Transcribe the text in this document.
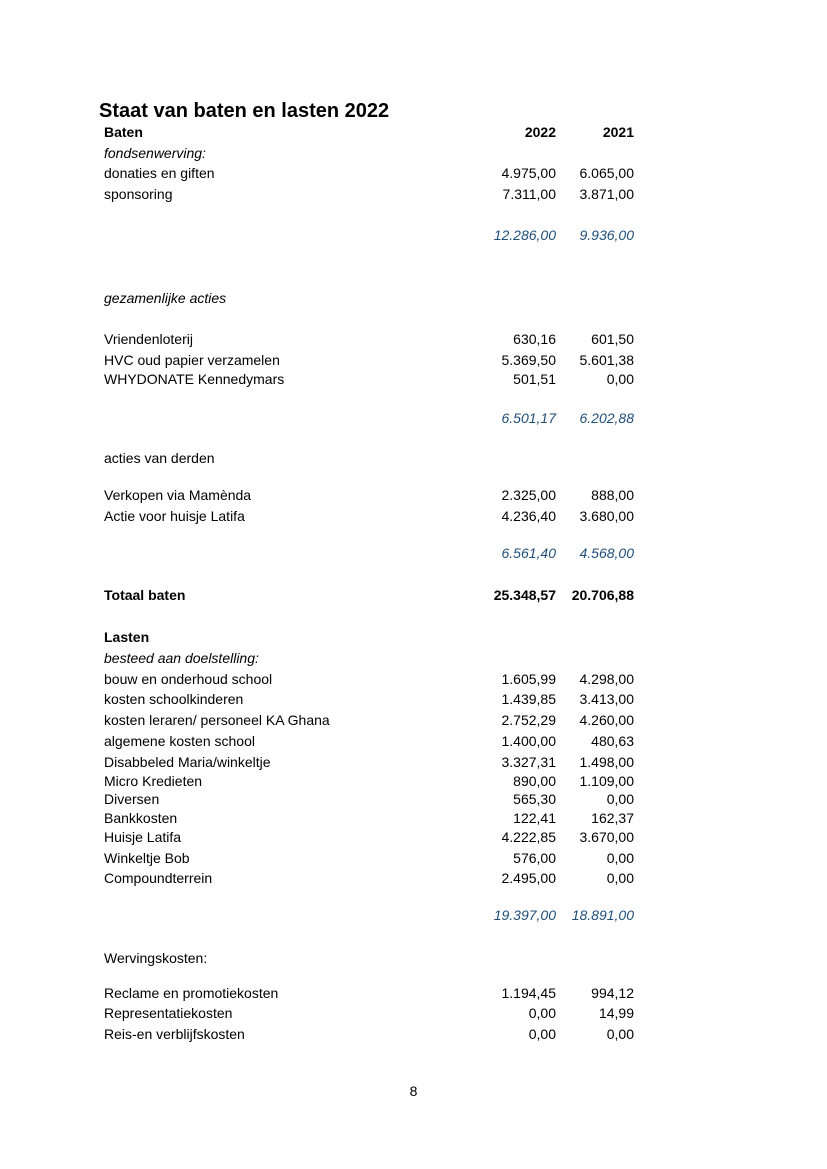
Staat van baten en lasten 2022
Baten	2022	2021
fondsenwerving:
donaties en giften	4.975,00	6.065,00
sponsoring	7.311,00	3.871,00
12.286,00	9.936,00
gezamenlijke acties
Vriendenloterij	630,16	601,50
HVC oud papier verzamelen	5.369,50	5.601,38
WHYDONATE Kennedymars	501,51	0,00
6.501,17	6.202,88
acties van derden
Verkopen via Mamènda	2.325,00	888,00
Actie voor huisje Latifa	4.236,40	3.680,00
6.561,40	4.568,00
Totaal baten	25.348,57	20.706,88
Lasten
besteed aan doelstelling:
bouw en onderhoud school	1.605,99	4.298,00
kosten schoolkinderen	1.439,85	3.413,00
kosten leraren/ personeel KA Ghana	2.752,29	4.260,00
algemene kosten school	1.400,00	480,63
Disabbeled Maria/winkeltje	3.327,31	1.498,00
Micro Kredieten	890,00	1.109,00
Diversen	565,30	0,00
Bankkosten	122,41	162,37
Huisje Latifa	4.222,85	3.670,00
Winkeltje Bob	576,00	0,00
Compoundterrein	2.495,00	0,00
19.397,00	18.891,00
Wervingskosten:
Reclame en promotiekosten	1.194,45	994,12
Representatiekosten	0,00	14,99
Reis-en verblijfskosten	0,00	0,00
8
